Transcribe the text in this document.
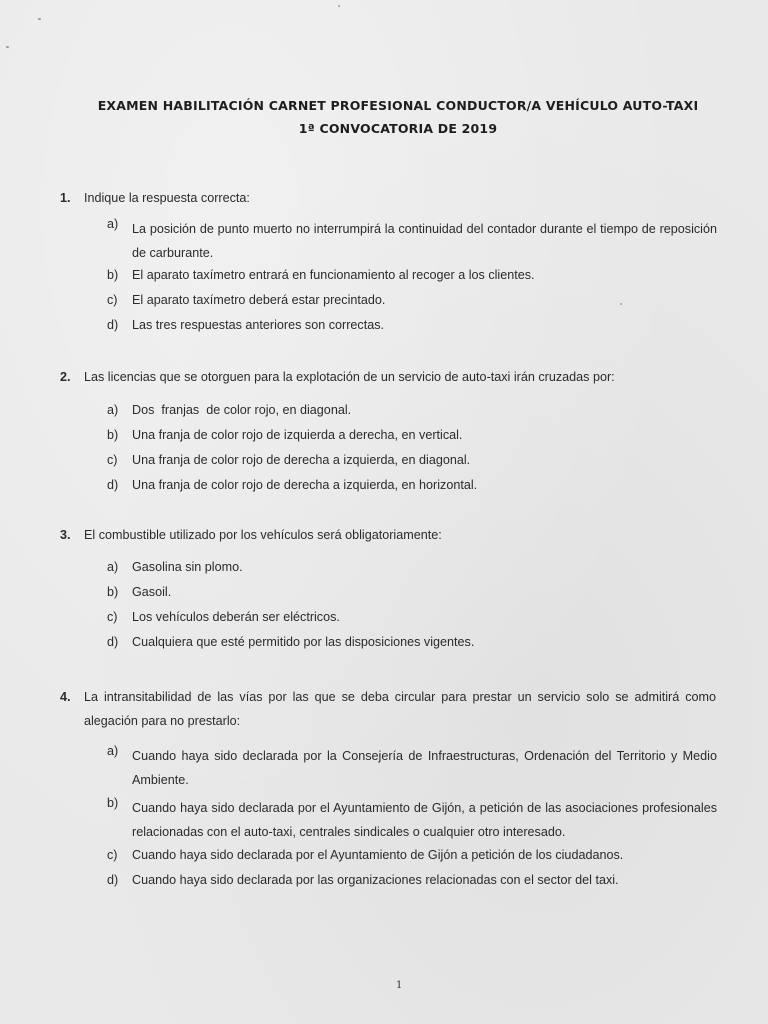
EXAMEN HABILITACIÓN CARNET PROFESIONAL CONDUCTOR/A VEHÍCULO AUTO-TAXI
1ª CONVOCATORIA DE 2019
1. Indique la respuesta correcta:
a) La posición de punto muerto no interrumpirá la continuidad del contador durante el tiempo de reposición de carburante.
b) El aparato taxímetro entrará en funcionamiento al recoger a los clientes.
c) El aparato taxímetro deberá estar precintado.
d) Las tres respuestas anteriores son correctas.
2. Las licencias que se otorguen para la explotación de un servicio de auto-taxi irán cruzadas por:
a) Dos  franjas  de color rojo, en diagonal.
b) Una franja de color rojo de izquierda a derecha, en vertical.
c) Una franja de color rojo de derecha a izquierda, en diagonal.
d) Una franja de color rojo de derecha a izquierda, en horizontal.
3. El combustible utilizado por los vehículos será obligatoriamente:
a) Gasolina sin plomo.
b) Gasoil.
c) Los vehículos deberán ser eléctricos.
d) Cualquiera que esté permitido por las disposiciones vigentes.
4. La intransitabilidad de las vías por las que se deba circular para prestar un servicio solo se admitirá como alegación para no prestarlo:
a) Cuando haya sido declarada por la Consejería de Infraestructuras, Ordenación del Territorio y Medio Ambiente.
b) Cuando haya sido declarada por el Ayuntamiento de Gijón, a petición de las asociaciones profesionales relacionadas con el auto-taxi, centrales sindicales o cualquier otro interesado.
c) Cuando haya sido declarada por el Ayuntamiento de Gijón a petición de los ciudadanos.
d) Cuando haya sido declarada por las organizaciones relacionadas con el sector del taxi.
1
